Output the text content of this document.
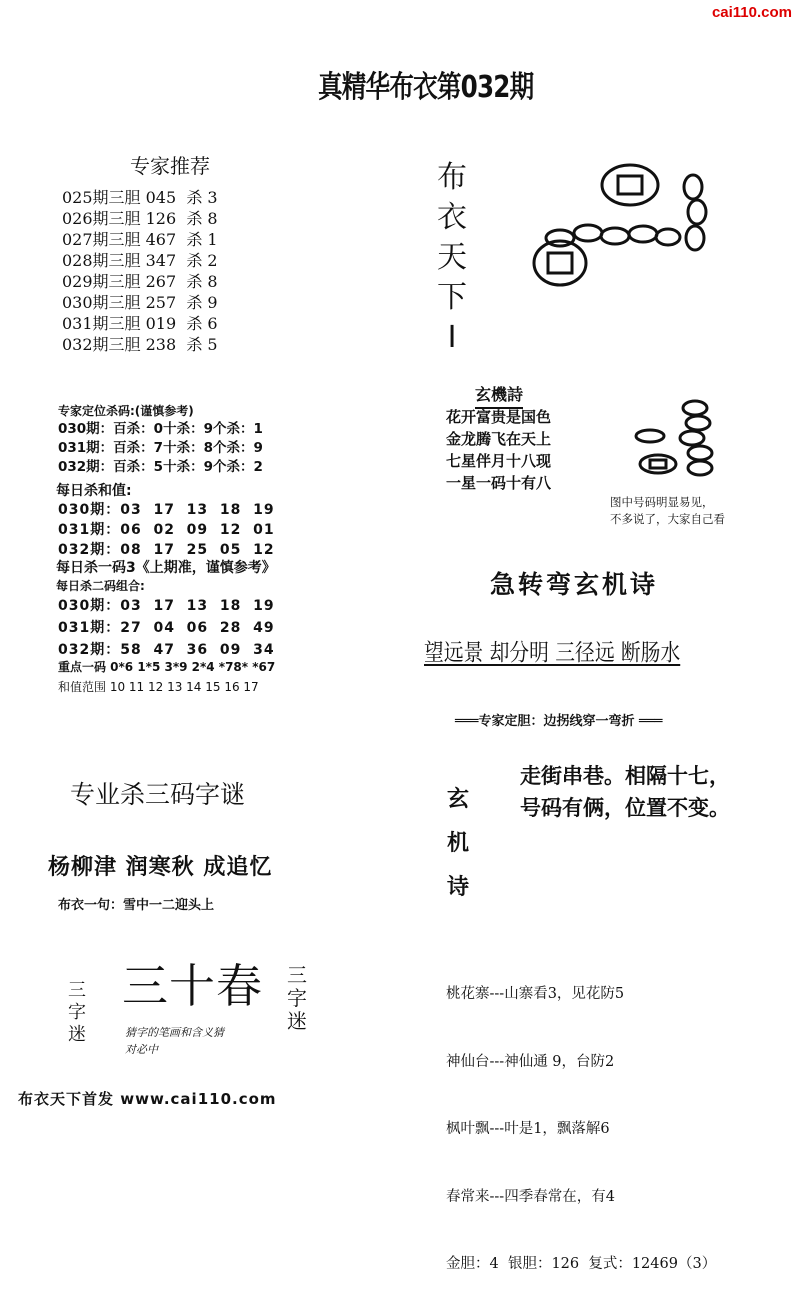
cai110.com
真精华布衣第032期
专家推荐
025期三胆 045  杀 3
026期三胆 126  杀 8
027期三胆 467  杀 1
028期三胆 347  杀 2
029期三胆 267  杀 8
030期三胆 257  杀 9
031期三胆 019  杀 6
032期三胆 238  杀 5
专家定位杀码:(谨慎参考)
030期：百杀：0十杀：9个杀：1
031期：百杀：7十杀：8个杀：9
032期：百杀：5十杀：9个杀：2
每日杀和值:
030期：03  17  13  18  19
031期：06  02  09  12  01
032期：08  17  25  05  12
每日杀一码3《上期准，谨慎参考》
每日杀二码组合:
030期：03  17  13  18  19
031期：27  04  06  28  49
032期：58  47  36  09  34
重点一码 0*6 1*5 3*9 2*4 *78* *67
和值范围 10 11 12 13 14 15 16 17
布
衣
天
下
I
玄機詩
花开富贵是国色
金龙腾飞在天上
七星伴月十八现
一星一码十有八
图中号码明显易见，
不多说了，大家自己看
急转弯玄机诗
望远景 却分明 三径远 断肠水
═══专家定胆：边拐线穿一弯折 ═══
玄
机
诗
走街串巷。相隔十七，
号码有俩，位置不变。
专业杀三码字谜
杨柳津 润寒秋 成追忆
布衣一句：雪中一二迎头上
三
字
迷
三十春 三
字
迷
猜字的笔画和含义猜
对必中

桃花寨---山寨看3，见花防5

神仙台---神仙通 9，台防2

枫叶飘---叶是1，飘落解6

春常来---四季春常在，有4

金胆：4  银胆：126  复式：12469（3）

布衣天下首发 www.cai110.com
